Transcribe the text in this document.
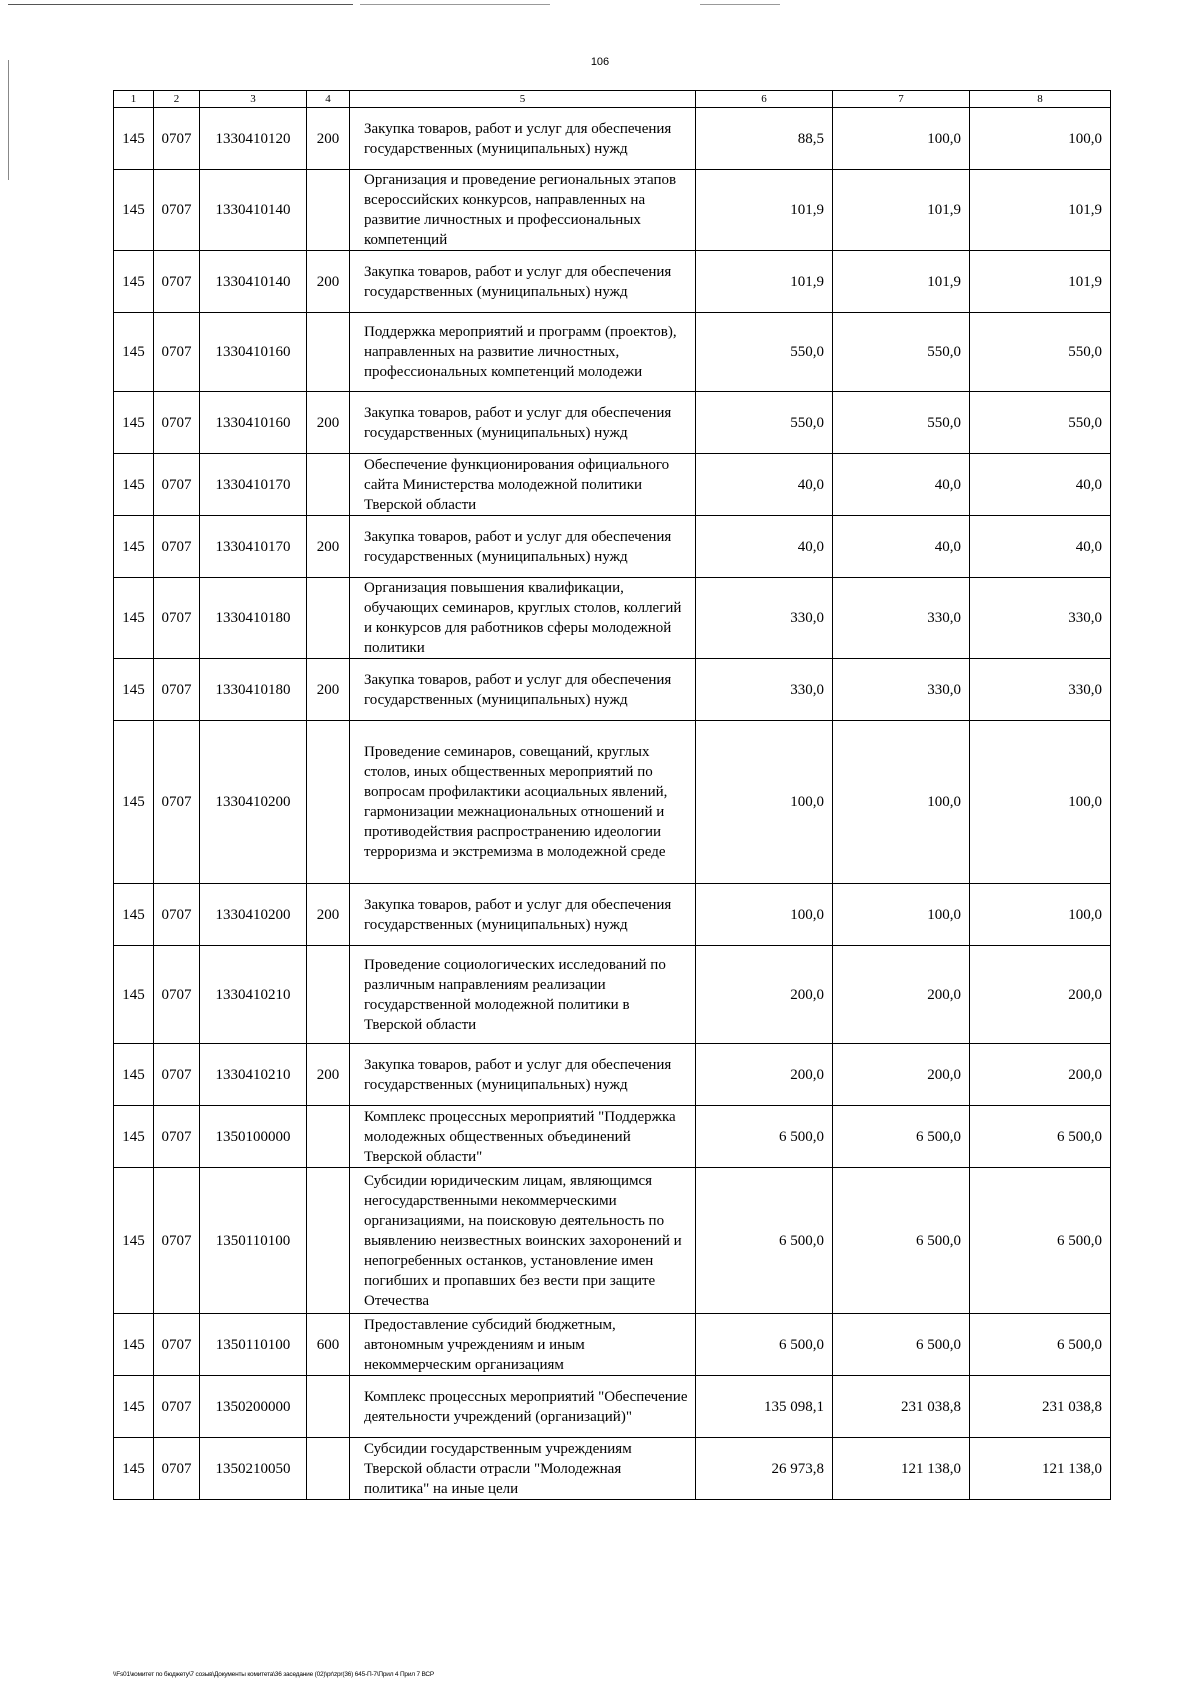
106
1	2	3	4	5	6	7	8
145	0707	1330410120	200	Закупка товаров, работ и услуг для обеспечения государственных (муниципальных) нужд	88,5	100,0	100,0
145	0707	1330410140		Организация и проведение региональных этапов всероссийских конкурсов, направленных на развитие личностных и профессиональных компетенций	101,9	101,9	101,9
145	0707	1330410140	200	Закупка товаров, работ и услуг для обеспечения государственных (муниципальных) нужд	101,9	101,9	101,9
145	0707	1330410160		Поддержка мероприятий и программ (проектов), направленных на развитие личностных, профессиональных компетенций молодежи	550,0	550,0	550,0
145	0707	1330410160	200	Закупка товаров, работ и услуг для обеспечения государственных (муниципальных) нужд	550,0	550,0	550,0
145	0707	1330410170		Обеспечение функционирования официального сайта Министерства молодежной политики Тверской области	40,0	40,0	40,0
145	0707	1330410170	200	Закупка товаров, работ и услуг для обеспечения государственных (муниципальных) нужд	40,0	40,0	40,0
145	0707	1330410180		Организация повышения квалификации, обучающих семинаров, круглых столов, коллегий и конкурсов для работников сферы молодежной политики	330,0	330,0	330,0
145	0707	1330410180	200	Закупка товаров, работ и услуг для обеспечения государственных (муниципальных) нужд	330,0	330,0	330,0
145	0707	1330410200		Проведение семинаров, совещаний, круглых столов, иных общественных мероприятий по вопросам профилактики асоциальных явлений, гармонизации межнациональных отношений и противодействия распространению идеологии терроризма и экстремизма в молодежной среде	100,0	100,0	100,0
145	0707	1330410200	200	Закупка товаров, работ и услуг для обеспечения государственных (муниципальных) нужд	100,0	100,0	100,0
145	0707	1330410210		Проведение социологических исследований по различным направлениям реализации государственной молодежной политики в Тверской области	200,0	200,0	200,0
145	0707	1330410210	200	Закупка товаров, работ и услуг для обеспечения государственных (муниципальных) нужд	200,0	200,0	200,0
145	0707	1350100000		Комплекс процессных мероприятий "Поддержка молодежных общественных объединений Тверской области"	6 500,0	6 500,0	6 500,0
145	0707	1350110100		Субсидии юридическим лицам, являющимся негосударственными некоммерческими организациями, на поисковую деятельность по выявлению неизвестных воинских захоронений и непогребенных останков, установление имен погибших и пропавших без вести при защите Отечества	6 500,0	6 500,0	6 500,0
145	0707	1350110100	600	Предоставление субсидий бюджетным, автономным учреждениям и иным некоммерческим организациям	6 500,0	6 500,0	6 500,0
145	0707	1350200000		Комплекс процессных мероприятий "Обеспечение деятельности учреждений (организаций)"	135 098,1	231 038,8	231 038,8
145	0707	1350210050		Субсидии государственным учреждениям Тверской области отрасли "Молодежная политика" на иные цели	26 973,8	121 138,0	121 138,0
\\Fs01\комитет по бюджету\7 созыв\Документы комитета\36 заседание (02)\pr\zpr(36) 645-П-7\Прил 4 Прил 7 ВСР
